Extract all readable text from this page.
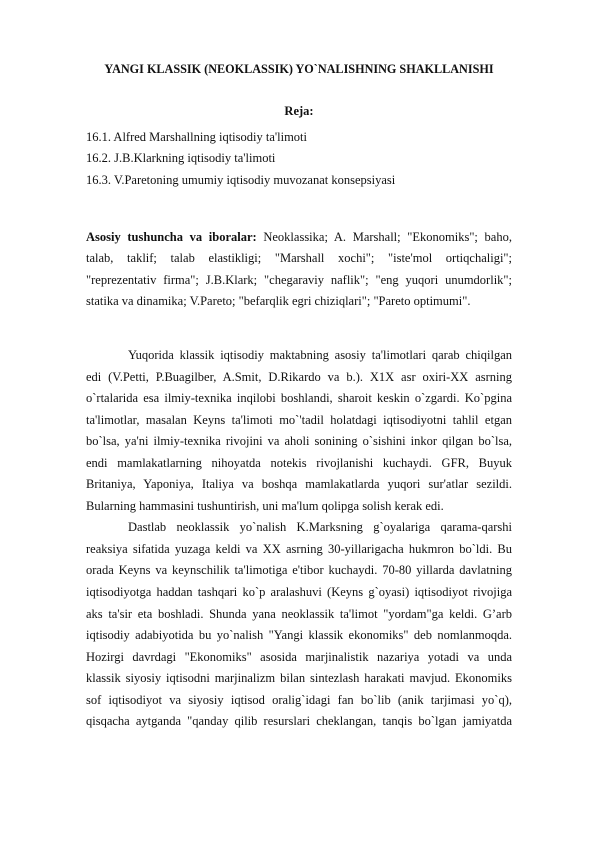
YANGI KLASSIK (NEOKLASSIK) YO`NALISHNING SHAKLLANISHI
Reja:
16.1. Alfred Marshallning iqtisodiy ta'limoti
16.2. J.B.Klarkning iqtisodiy ta'limoti
16.3. V.Paretoning umumiy iqtisodiy muvozanat konsepsiyasi
Asosiy tushuncha va iboralar: Neoklassika; A. Marshall; "Ekonomiks"; baho,
talab, taklif; talab elastikligi; "Marshall xochi"; "iste'mol ortiqchaligi";
"reprezentativ firma"; J.B.Klark; "chegaraviy naflik"; "eng yuqori unumdorlik";
statika va dinamika; V.Pareto; "befarqlik egri chiziqlari"; "Pareto optimumi".
Yuqorida klassik iqtisodiy maktabning asosiy ta'limotlari qarab chiqilgan
edi (V.Petti, P.Buagilber, A.Smit, D.Rikardo va b.). X1X asr oxiri-XX asrning
o`rtalarida esa ilmiy-texnika inqilobi boshlandi, sharoit keskin o`zgardi. Ko`pgina
ta'limotlar, masalan Keyns ta'limoti mo`'tadil holatdagi iqtisodiyotni tahlil etgan
bo`lsa, ya'ni ilmiy-texnika rivojini va aholi sonining o`sishini inkor qilgan bo`lsa,
endi mamlakatlarning nihoyatda notekis rivojlanishi kuchaydi. GFR, Buyuk
Britaniya, Yaponiya, Italiya va boshqa mamlakatlarda yuqori sur'atlar sezildi.
Bularning hammasini tushuntirish, uni ma'lum qolipga solish kerak edi.
Dastlab neoklassik yo`nalish K.Marksning g`oyalariga qarama-qarshi
reaksiya sifatida yuzaga keldi va XX asrning 30-yillarigacha hukmron bo`ldi. Bu
orada Keyns va keynschilik ta'limotiga e'tibor kuchaydi. 70-80 yillarda davlatning
iqtisodiyotga haddan tashqari ko`p aralashuvi (Keyns g`oyasi) iqtisodiyot rivojiga
aks ta'sir eta boshladi. Shunda yana neoklassik ta'limot "yordam"ga keldi. G’arb
iqtisodiy adabiyotida bu yo`nalish "Yangi klassik ekonomiks" deb nomlanmoqda.
Hozirgi davrdagi "Ekonomiks" asosida marjinalistik nazariya yotadi va unda
klassik siyosiy iqtisodni marjinalizm bilan sintezlash harakati mavjud. Ekonomiks
sof iqtisodiyot va siyosiy iqtisod oralig`idagi fan bo`lib (anik tarjimasi yo`q),
qisqacha aytganda "qanday qilib resurslari cheklangan, tanqis bo`lgan jamiyatda
